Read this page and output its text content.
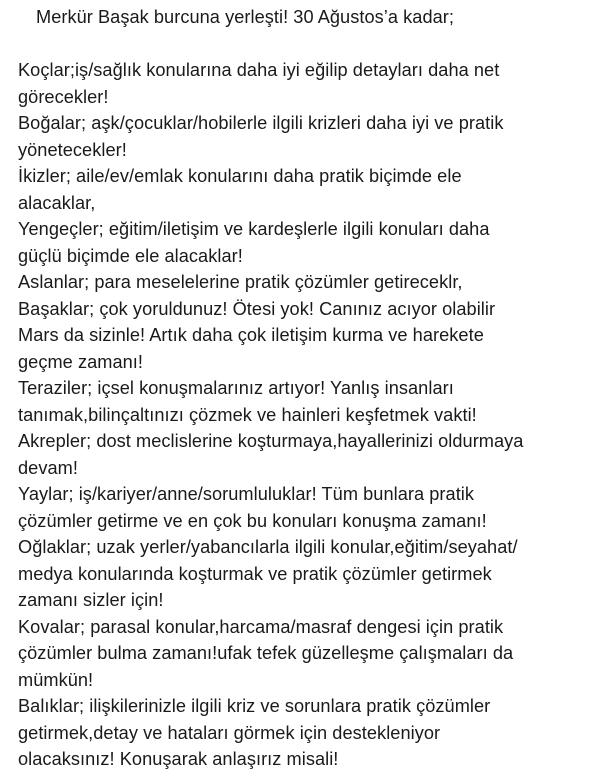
Merkür Başak burcuna yerleşti! 30 Ağustos’a kadar;

Koçlar;iş/sağlık konularına daha iyi eğilip detayları daha net

görecekler!

Boğalar; aşk/çocuklar/hobilerle ilgili krizleri daha iyi ve pratik

yönetecekler!

İkizler; aile/ev/emlak konularını daha pratik biçimde ele

alacaklar,

Yengeçler; eğitim/iletişim ve kardeşlerle ilgili konuları daha

güçlü biçimde ele alacaklar!

Aslanlar; para meselelerine pratik çözümler getireceklr,

Başaklar; çok yoruldunuz! Ötesi yok! Canınız acıyor olabilir

Mars da sizinle! Artık daha çok iletişim kurma ve harekete

geçme zamanı!

Teraziler; içsel konuşmalarınız artıyor! Yanlış insanları

tanımak,bilinçaltınızı çözmek ve hainleri keşfetmek vakti!

Akrepler; dost meclislerine koşturmaya,hayallerinizi oldurmaya

devam!

Yaylar; iş/kariyer/anne/sorumluluklar! Tüm bunlara pratik

çözümler getirme ve en çok bu konuları konuşma zamanı!

Oğlaklar; uzak yerler/yabancılarla ilgili konular,eğitim/seyahat/

medya konularında koşturmak ve pratik çözümler getirmek

zamanı sizler için!

Kovalar; parasal konular,harcama/masraf dengesi için pratik

çözümler bulma zamanı!ufak tefek güzelleşme çalışmaları da

mümkün!

Balıklar; ilişkilerinizle ilgili kriz ve sorunlara pratik çözümler

getirmek,detay ve hataları görmek için destekleniyor

olacaksınız! Konuşarak anlaşırız misali!
